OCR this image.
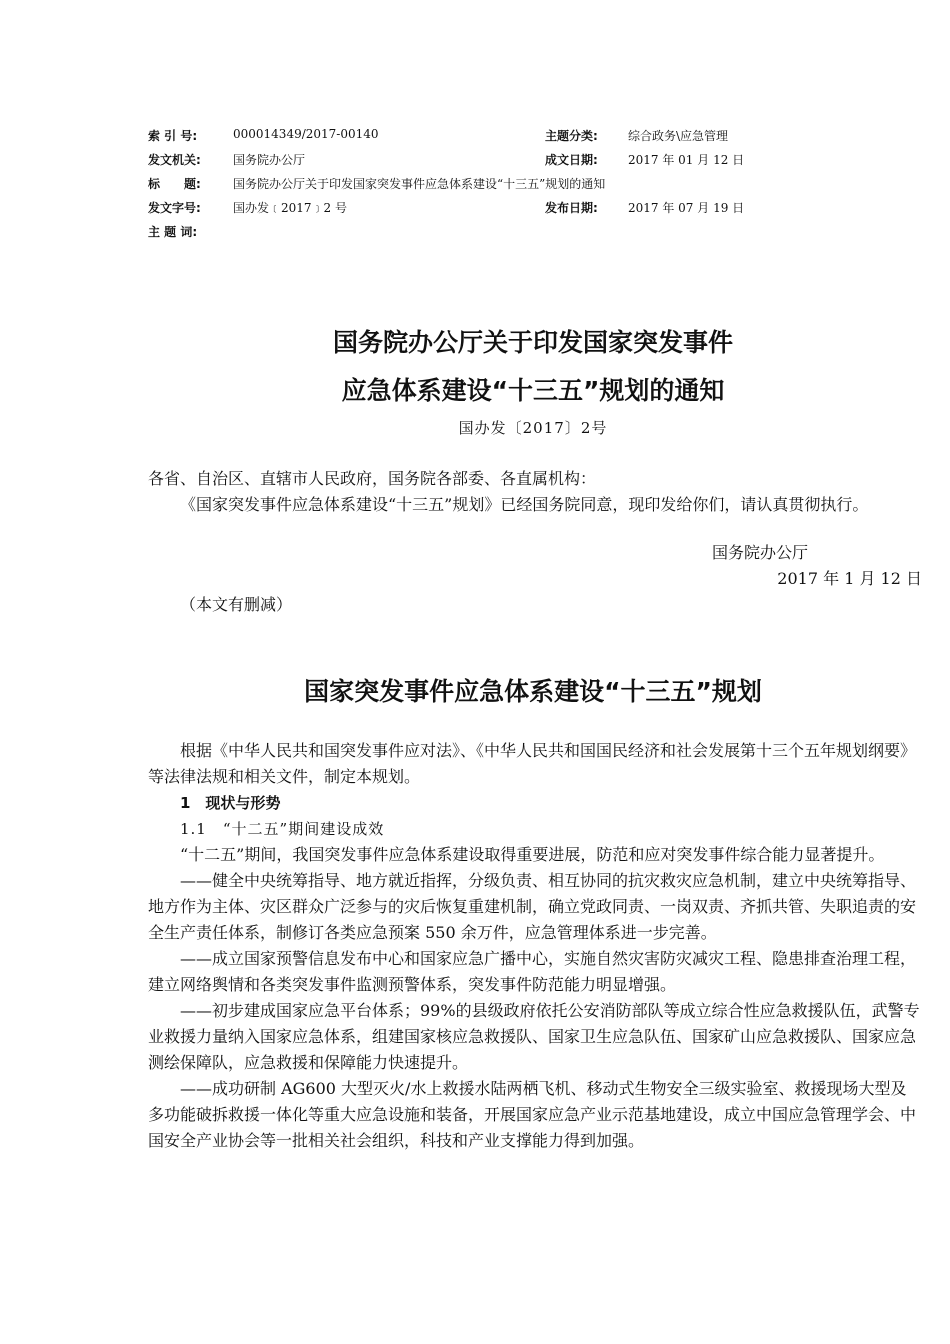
索 引 号:	000014349/2017-00140	主题分类:	综合政务\应急管理
发文机关:	国务院办公厅	成文日期:	2017 年 01 月 12 日
标　　题:	国务院办公厅关于印发国家突发事件应急体系建设“十三五”规划的通知
发文字号:	国办发﹝2017﹞2 号	发布日期:	2017 年 07 月 19 日
主 题 词:
国务院办公厅关于印发国家突发事件
应急体系建设“十三五”规划的通知
国办发〔2017〕2号

各省、自治区、直辖市人民政府，国务院各部委、各直属机构：

《国家突发事件应急体系建设“十三五”规划》已经国务院同意，现印发给你们，请认真贯彻执行。

国务院办公厅
2017 年 1 月 12 日
（本文有删减）
国家突发事件应急体系建设“十三五”规划

根据《中华人民共和国突发事件应对法》、《中华人民共和国国民经济和社会发展第十三个五年规划纲要》等法律法规和相关文件，制定本规划。

1　现状与形势

1.1　“十二五”期间建设成效

“十二五”期间，我国突发事件应急体系建设取得重要进展，防范和应对突发事件综合能力显著提升。

——健全中央统筹指导、地方就近指挥，分级负责、相互协同的抗灾救灾应急机制，建立中央统筹指导、地方作为主体、灾区群众广泛参与的灾后恢复重建机制，确立党政同责、一岗双责、齐抓共管、失职追责的安全生产责任体系，制修订各类应急预案 550 余万件，应急管理体系进一步完善。

——成立国家预警信息发布中心和国家应急广播中心，实施自然灾害防灾减灾工程、隐患排查治理工程，建立网络舆情和各类突发事件监测预警体系，突发事件防范能力明显增强。

——初步建成国家应急平台体系；99%的县级政府依托公安消防部队等成立综合性应急救援队伍，武警专业救援力量纳入国家应急体系，组建国家核应急救援队、国家卫生应急队伍、国家矿山应急救援队、国家应急测绘保障队，应急救援和保障能力快速提升。

——成功研制 AG600 大型灭火/水上救援水陆两栖飞机、移动式生物安全三级实验室、救援现场大型及多功能破拆救援一体化等重大应急设施和装备，开展国家应急产业示范基地建设，成立中国应急管理学会、中国安全产业协会等一批相关社会组织，科技和产业支撑能力得到加强。
